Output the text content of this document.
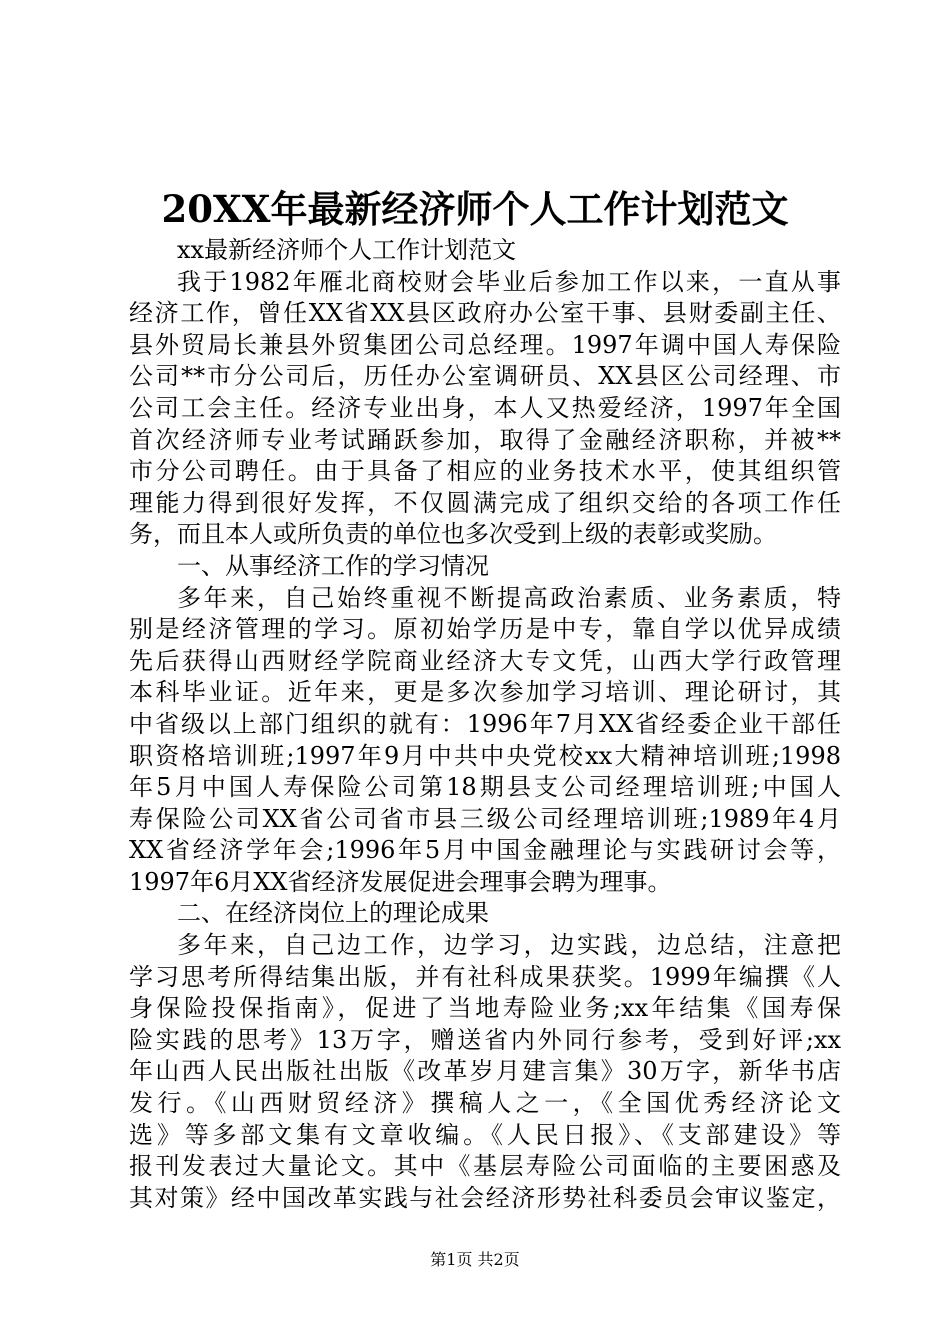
20XX年最新经济师个人工作计划范文
xx最新经济师个人工作计划范文
我于1982年雁北商校财会毕业后参加工作以来，一直从事
经济工作，曾任XX省XX县区政府办公室干事、县财委副主任、
县外贸局长兼县外贸集团公司总经理。1997年调中国人寿保险
公司**市分公司后，历任办公室调研员、XX县区公司经理、市
公司工会主任。经济专业出身，本人又热爱经济，1997年全国
首次经济师专业考试踊跃参加，取得了金融经济职称，并被**
市分公司聘任。由于具备了相应的业务技术水平，使其组织管
理能力得到很好发挥，不仅圆满完成了组织交给的各项工作任
务，而且本人或所负责的单位也多次受到上级的表彰或奖励。
一、从事经济工作的学习情况
多年来，自己始终重视不断提高政治素质、业务素质，特
别是经济管理的学习。原初始学历是中专，靠自学以优异成绩
先后获得山西财经学院商业经济大专文凭，山西大学行政管理
本科毕业证。近年来，更是多次参加学习培训、理论研讨，其
中省级以上部门组织的就有：1996年7月XX省经委企业干部任
职资格培训班;1997年9月中共中央党校xx大精神培训班;1998
年5月中国人寿保险公司第18期县支公司经理培训班;中国人
寿保险公司XX省公司省市县三级公司经理培训班;1989年4月
XX省经济学年会;1996年5月中国金融理论与实践研讨会等，
1997年6月XX省经济发展促进会理事会聘为理事。
二、在经济岗位上的理论成果
多年来，自己边工作，边学习，边实践，边总结，注意把
学习思考所得结集出版，并有社科成果获奖。1999年编撰《人
身保险投保指南》，促进了当地寿险业务;xx年结集《国寿保
险实践的思考》13万字，赠送省内外同行参考，受到好评;xx
年山西人民出版社出版《改革岁月建言集》30万字，新华书店
发行。《山西财贸经济》撰稿人之一，《全国优秀经济论文
选》等多部文集有文章收编。《人民日报》、《支部建设》等
报刊发表过大量论文。其中《基层寿险公司面临的主要困惑及
其对策》经中国改革实践与社会经济形势社科委员会审议鉴定，
第1页 共2页
